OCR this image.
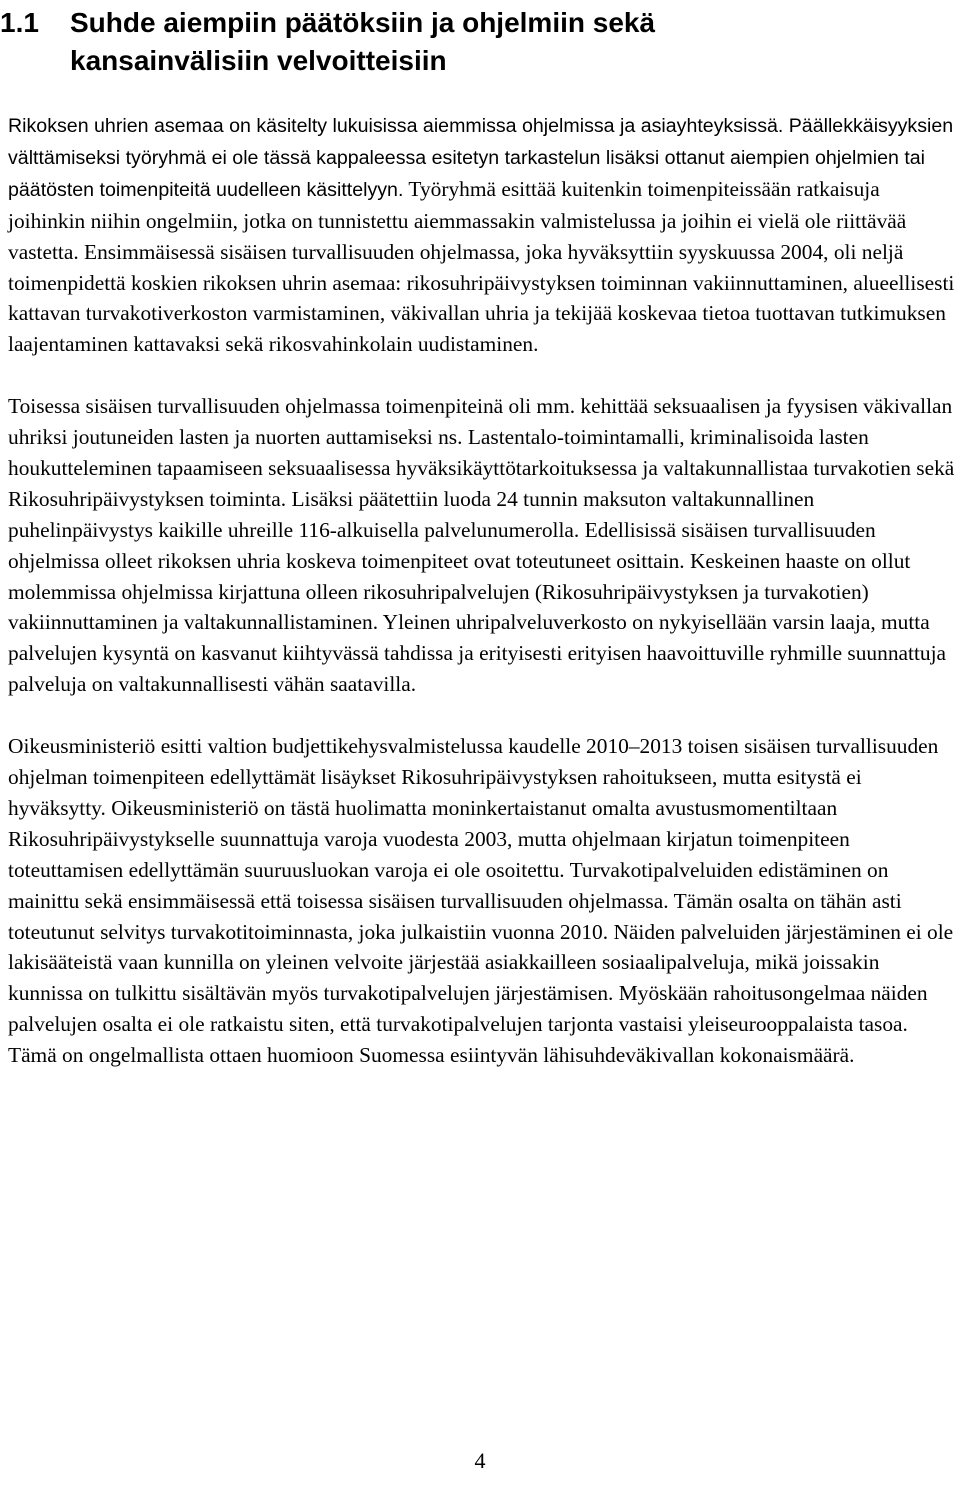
1.1 Suhde aiempiin päätöksiin ja ohjelmiin sekä
kansainvälisiin velvoitteisiin

Rikoksen uhrien asemaa on käsitelty lukuisissa aiemmissa ohjelmissa ja asiayhteyksissä. Päällekkäisyyksien välttämiseksi työryhmä ei ole tässä kappaleessa esitetyn tarkastelun lisäksi ottanut aiempien ohjelmien tai päätösten toimenpiteitä uudelleen käsittelyyn. Työryhmä esittää kuitenkin toimenpiteissään ratkaisuja joihinkin niihin ongelmiin, jotka on tunnistettu aiemmassakin valmistelussa ja joihin ei vielä ole riittävää vastetta. Ensimmäisessä sisäisen turvallisuuden ohjelmassa, joka hyväksyttiin syyskuussa 2004, oli neljä toimenpidettä koskien rikoksen uhrin asemaa: rikosuhripäivystyksen toiminnan vakiinnuttaminen, alueellisesti kattavan turvakotiverkoston varmistaminen, väkivallan uhria ja tekijää koskevaa tietoa tuottavan tutkimuksen laajentaminen kattavaksi sekä rikosvahinkolain uudistaminen.

Toisessa sisäisen turvallisuuden ohjelmassa toimenpiteinä oli mm. kehittää seksuaalisen ja fyysisen väkivallan uhriksi joutuneiden lasten ja nuorten auttamiseksi ns. Lastentalo-toimintamalli, kriminalisoida lasten houkutteleminen tapaamiseen seksuaalisessa hyväksikäyttötarkoituksessa ja valtakunnallistaa turvakotien sekä Rikosuhripäivystyksen toiminta. Lisäksi päätettiin luoda 24 tunnin maksuton valtakunnallinen puhelinpäivystys kaikille uhreille 116-alkuisella palvelunumerolla. Edellisissä sisäisen turvallisuuden ohjelmissa olleet rikoksen uhria koskeva toimenpiteet ovat toteutuneet osittain. Keskeinen haaste on ollut molemmissa ohjelmissa kirjattuna olleen rikosuhripalvelujen (Rikosuhripäivystyksen ja turvakotien) vakiinnuttaminen ja valtakunnallistaminen. Yleinen uhripalveluverkosto on nykyisellään varsin laaja, mutta palvelujen kysyntä on kasvanut kiihtyvässä tahdissa ja erityisesti erityisen haavoittuville ryhmille suunnattuja palveluja on valtakunnallisesti vähän saatavilla.

Oikeusministeriö esitti valtion budjettikehysvalmistelussa kaudelle 2010–2013 toisen sisäisen turvallisuuden ohjelman toimenpiteen edellyttämät lisäykset Rikosuhripäivystyksen rahoitukseen, mutta esitystä ei hyväksytty. Oikeusministeriö on tästä huolimatta moninkertaistanut omalta avustusmomentiltaan Rikosuhripäivystykselle suunnattuja varoja vuodesta 2003, mutta ohjelmaan kirjatun toimenpiteen toteuttamisen edellyttämän suuruusluokan varoja ei ole osoitettu. Turvakotipalveluiden edistäminen on mainittu sekä ensimmäisessä että toisessa sisäisen turvallisuuden ohjelmassa. Tämän osalta on tähän asti toteutunut selvitys turvakotitoiminnasta, joka julkaistiin vuonna 2010. Näiden palveluiden järjestäminen ei ole lakisääteistä vaan kunnilla on yleinen velvoite järjestää asiakkailleen sosiaalipalveluja, mikä joissakin kunnissa on tulkittu sisältävän myös turvakotipalvelujen järjestämisen. Myöskään rahoitusongelmaa näiden palvelujen osalta ei ole ratkaistu siten, että turvakotipalvelujen tarjonta vastaisi yleiseurooppalaista tasoa. Tämä on ongelmallista ottaen huomioon Suomessa esiintyvän lähisuhdeväkivallan kokonaismäärä.

4
